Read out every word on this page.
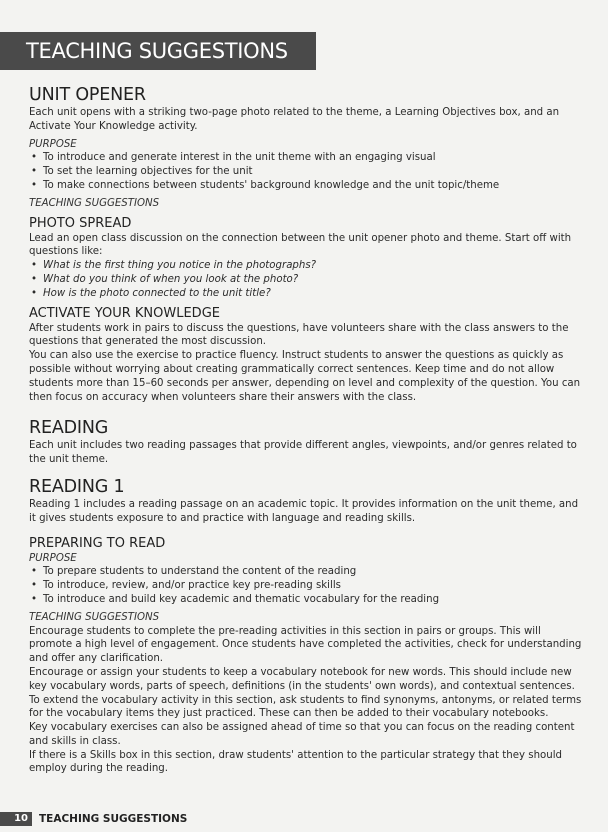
TEACHING SUGGESTIONS
UNIT OPENER

Each unit opens with a striking two-page photo related to the theme, a Learning Objectives box, and an Activate Your Knowledge activity.

PURPOSE
• To introduce and generate interest in the unit theme with an engaging visual
• To set the learning objectives for the unit
• To make connections between students' background knowledge and the unit topic/theme
TEACHING SUGGESTIONS
PHOTO SPREAD

Lead an open class discussion on the connection between the unit opener photo and theme. Start off with questions like:

• What is the first thing you notice in the photographs?
• What do you think of when you look at the photo?
• How is the photo connected to the unit title?
ACTIVATE YOUR KNOWLEDGE

After students work in pairs to discuss the questions, have volunteers share with the class answers to the questions that generated the most discussion.

You can also use the exercise to practice fluency. Instruct students to answer the questions as quickly as possible without worrying about creating grammatically correct sentences. Keep time and do not allow students more than 15–60 seconds per answer, depending on level and complexity of the question. You can then focus on accuracy when volunteers share their answers with the class.

READING

Each unit includes two reading passages that provide different angles, viewpoints, and/or genres related to the unit theme.

READING 1

Reading 1 includes a reading passage on an academic topic. It provides information on the unit theme, and it gives students exposure to and practice with language and reading skills.

PREPARING TO READ
PURPOSE
• To prepare students to understand the content of the reading
• To introduce, review, and/or practice key pre-reading skills
• To introduce and build key academic and thematic vocabulary for the reading
TEACHING SUGGESTIONS

Encourage students to complete the pre-reading activities in this section in pairs or groups. This will promote a high level of engagement. Once students have completed the activities, check for understanding and offer any clarification.

Encourage or assign your students to keep a vocabulary notebook for new words. This should include new key vocabulary words, parts of speech, definitions (in the students' own words), and contextual sentences. To extend the vocabulary activity in this section, ask students to find synonyms, antonyms, or related terms for the vocabulary items they just practiced. These can then be added to their vocabulary notebooks.

Key vocabulary exercises can also be assigned ahead of time so that you can focus on the reading content and skills in class.

If there is a Skills box in this section, draw students' attention to the particular strategy that they should employ during the reading.

10	TEACHING SUGGESTIONS
